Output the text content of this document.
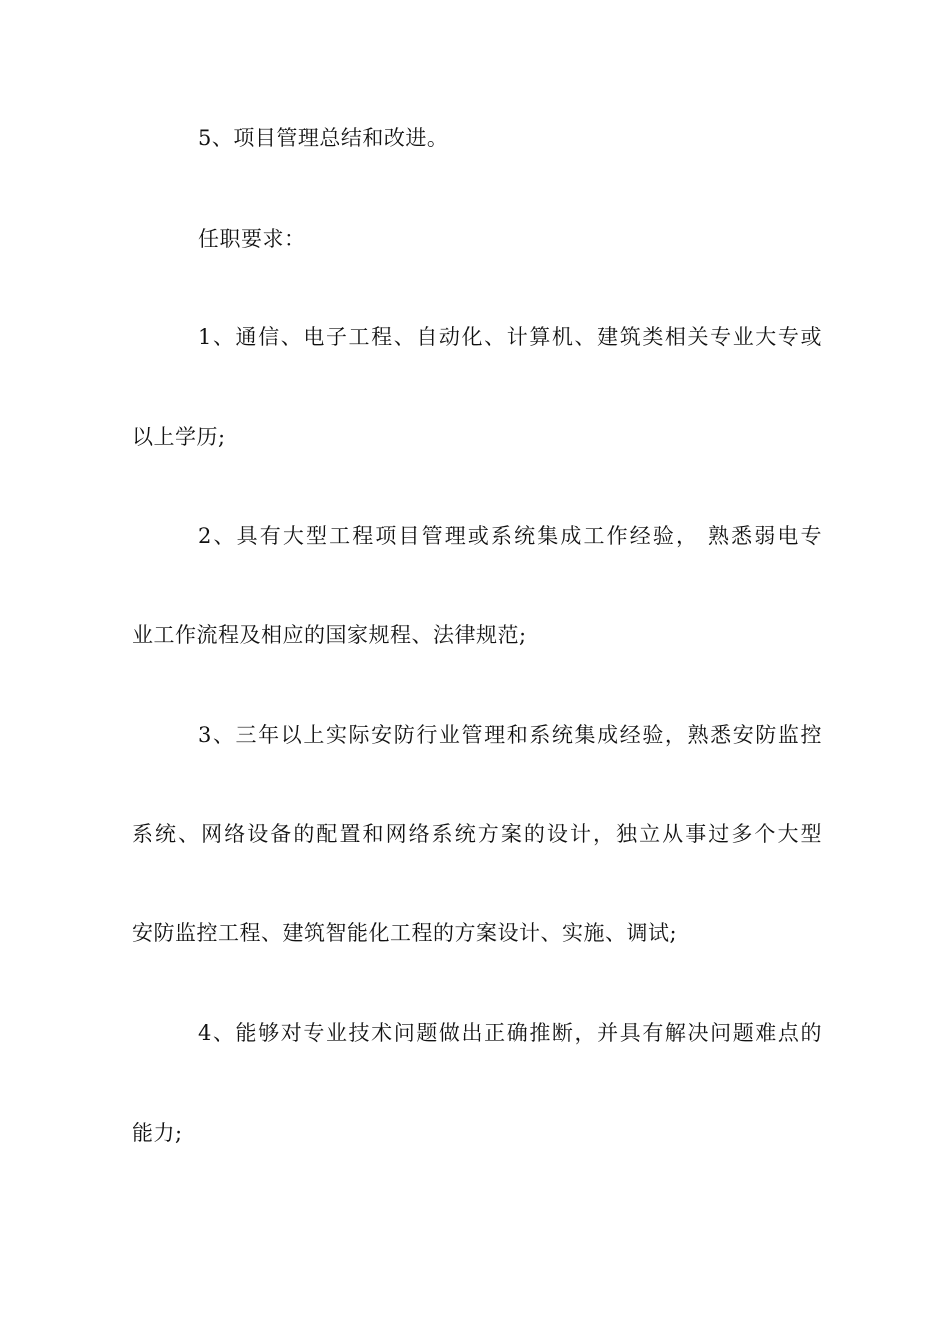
5、项目管理总结和改进。
任职要求：
1、通信、电子工程、自动化、计算机、建筑类相关专业大专或
以上学历;
2、具有大型工程项目管理或系统集成工作经验， 熟悉弱电专
业工作流程及相应的国家规程、法律规范;
3、三年以上实际安防行业管理和系统集成经验，熟悉安防监控
系统、网络设备的配置和网络系统方案的设计，独立从事过多个大型
安防监控工程、建筑智能化工程的方案设计、实施、调试;
4、能够对专业技术问题做出正确推断，并具有解决问题难点的
能力;
